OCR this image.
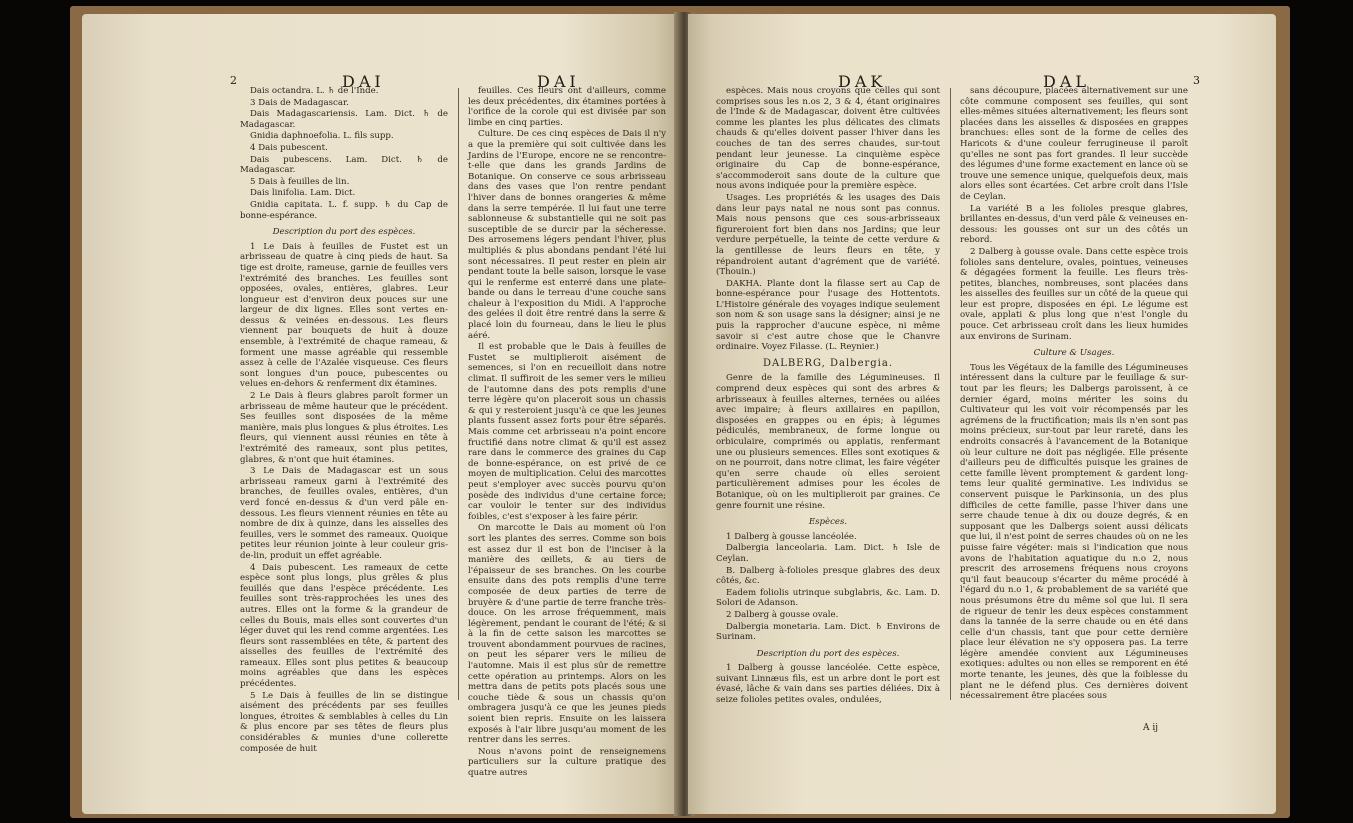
2	DAI	DAI

Dais octandra. L. ♄ de l'Inde.

3 Dais de Madagascar.

Dais Madagascariensis. Lam. Dict. ♄ de Madagascar.

Gnidia daphnoefolia. L. fils supp.

4 Dais pubescent.

Dais pubescens. Lam. Dict. ♄ de Madagascar.

5 Dais à feuilles de lin.

Dais linifolia. Lam. Dict.

Gnidia capitata. L. f. supp. ♄ du Cap de bonne-espérance.

Description du port des espèces.

1 Le Dais à feuilles de Fustet est un arbrisseau de quatre à cinq pieds de haut. Sa tige est droite, rameuse, garnie de feuilles vers l'extrémité des branches. Les feuilles sont opposées, ovales, entières, glabres. Leur longueur est d'environ deux pouces sur une largeur de dix lignes. Elles sont vertes en-dessus & veinées en-dessous. Les fleurs viennent par bouquets de huit à douze ensemble, à l'extrémité de chaque rameau, & forment une masse agréable qui ressemble assez à celle de l'Azalée visqueuse. Ces fleurs sont longues d'un pouce, pubescentes ou velues en-dehors & renferment dix étamines.

2 Le Dais à fleurs glabres paroît former un arbrisseau de même hauteur que le précédent. Ses feuilles sont disposées de la même manière, mais plus longues & plus étroites. Les fleurs, qui viennent aussi réunies en tête à l'extrémité des rameaux, sont plus petites, glabres, & n'ont que huit étamines.

3 Le Dais de Madagascar est un sous arbrisseau rameux garni à l'extrémité des branches, de feuilles ovales, entières, d'un verd foncé en-dessus & d'un verd pâle en-dessous. Les fleurs viennent réunies en tête au nombre de dix à quinze, dans les aisselles des feuilles, vers le sommet des rameaux. Quoique petites leur réunion jointe à leur couleur gris-de-lin, produit un effet agréable.

4 Dais pubescent. Les rameaux de cette espèce sont plus longs, plus grêles & plus feuillés que dans l'espèce précédente. Les feuilles sont très-rapprochées les unes des autres. Elles ont la forme & la grandeur de celles du Bouis, mais elles sont couvertes d'un léger duvet qui les rend comme argentées. Les fleurs sont rassemblées en tête, & partent des aisselles des feuilles de l'extrémité des rameaux. Elles sont plus petites & beaucoup moins agréables que dans les espèces précédentes.

5 Le Dais à feuilles de lin se distingue aisément des précédents par ses feuilles longues, étroites & semblables à celles du Lin & plus encore par ses têtes de fleurs plus considérables & munies d'une collerette composée de huit

feuilles. Ces fleurs ont d'ailleurs, comme les deux précédentes, dix étamines portées à l'orifice de la corole qui est divisée par son limbe en cinq parties.

Culture. De ces cinq espèces de Dais il n'y a que la première qui soit cultivée dans les Jardins de l'Europe, encore ne se rencontre-t-elle que dans les grands Jardins de Botanique. On conserve ce sous arbrisseau dans des vases que l'on rentre pendant l'hiver dans de bonnes orangeries & même dans la serre tempérée. Il lui faut une terre sablonneuse & substantielle qui ne soit pas susceptible de se durcir par la sécheresse. Des arrosemens légers pendant l'hiver, plus multipliés & plus abondans pendant l'été lui sont nécessaires. Il peut rester en plein air pendant toute la belle saison, lorsque le vase qui le renferme est enterré dans une plate-bande ou dans le terreau d'une couche sans chaleur à l'exposition du Midi. A l'approche des gelées il doit être rentré dans la serre & placé loin du fourneau, dans le lieu le plus aéré.

Il est probable que le Dais à feuilles de Fustet se multiplieroit aisément de semences, si l'on en recueilloit dans notre climat. Il suffiroit de les semer vers le milieu de l'automne dans des pots remplis d'une terre légère qu'on placeroit sous un chassis & qui y resteroient jusqu'à ce que les jeunes plants fussent assez forts pour être séparés. Mais comme cet arbrisseau n'a point encore fructifié dans notre climat & qu'il est assez rare dans le commerce des graines du Cap de bonne-espérance, on est privé de ce moyen de multiplication. Celui des marcottes peut s'employer avec succès pourvu qu'on posède des individus d'une certaine force; car vouloir le tenter sur des individus foibles, c'est s'exposer à les faire périr.

On marcotte le Dais au moment où l'on sort les plantes des serres. Comme son bois est assez dur il est bon de l'inciser à la manière des œillets, & au tiers de l'épaisseur de ses branches. On les courbe ensuite dans des pots remplis d'une terre composée de deux parties de terre de bruyère & d'une partie de terre franche très-douce. On les arrose fréquemment, mais légèrement, pendant le courant de l'été; & si à la fin de cette saison les marcottes se trouvent abondamment pourvues de racines, on peut les séparer vers le milieu de l'automne. Mais il est plus sûr de remettre cette opération au printemps. Alors on les mettra dans de petits pots placés sous une couche tiède & sous un chassis qu'on ombragera jusqu'à ce que les jeunes pieds soient bien repris. Ensuite on les laissera exposés à l'air libre jusqu'au moment de les rentrer dans les serres.

Nous n'avons point de renseignemens particuliers sur la culture pratique des quatre autres

DAK	DAL	3

espèces. Mais nous croyons que celles qui sont comprises sous les n.os 2, 3 & 4, étant originaires de l'Inde & de Madagascar, doivent être cultivées comme les plantes les plus délicates des climats chauds & qu'elles doivent passer l'hiver dans les couches de tan des serres chaudes, sur-tout pendant leur jeunesse. La cinquième espèce originaire du Cap de bonne-espérance, s'accommoderoit sans doute de la culture que nous avons indiquée pour la première espèce.

Usages. Les propriétés & les usages des Dais dans leur pays natal ne nous sont pas connus. Mais nous pensons que ces sous-arbrisseaux figureroient fort bien dans nos Jardins; que leur verdure perpétuelle, la teinte de cette verdure & la gentillesse de leurs fleurs en tête, y répandroient autant d'agrément que de variété. (Thouin.)

DAKHA. Plante dont la filasse sert au Cap de bonne-espérance pour l'usage des Hottentots. L'Histoire générale des voyages indique seulement son nom & son usage sans la désigner; ainsi je ne puis la rapprocher d'aucune espèce, ni même savoir si c'est autre chose que le Chanvre ordinaire. Voyez Filasse. (L. Reynier.)

DALBERG, Dalbergia.

Genre de la famille des Légumineuses. Il comprend deux espèces qui sont des arbres & arbrisseaux à feuilles alternes, ternées ou ailées avec impaire; à fleurs axillaires en papillon, disposées en grappes ou en épis; à légumes pédiculés, membraneux, de forme longue ou orbiculaire, comprimés ou applatis, renfermant une ou plusieurs semences. Elles sont exotiques & on ne pourroit, dans notre climat, les faire végéter qu'en serre chaude où elles seroient particulièrement admises pour les écoles de Botanique, où on les multiplieroit par graines. Ce genre fournit une résine.

Espèces.

1 Dalberg à gousse lancéolée.

Dalbergia lanceolaria. Lam. Dict. ♄ Isle de Ceylan.

B. Dalberg à-folioles presque glabres des deux côtés, &c.

Eadem foliolis utrinque subglabris, &c. Lam. D. Solori de Adanson.

2 Dalberg à gousse ovale.

Dalbergia monetaria. Lam. Dict. ♄ Environs de Surinam.

Description du port des espèces.

1 Dalberg à gousse lancéolée. Cette espèce, suivant Linnæus fils, est un arbre dont le port est évasé, lâche & vain dans ses parties déliées. Dix à seize folioles petites ovales, ondulées,

sans découpure, placées alternativement sur une côte commune composent ses feuilles, qui sont elles-mêmes situées alternativement; les fleurs sont placées dans les aisselles & disposées en grappes branchues: elles sont de la forme de celles des Haricots & d'une couleur ferrugineuse il paroît qu'elles ne sont pas fort grandes. Il leur succède des légumes d'une forme exactement en lance où se trouve une semence unique, quelquefois deux, mais alors elles sont écartées. Cet arbre croît dans l'Isle de Ceylan.

La variété B a les folioles presque glabres, brillantes en-dessus, d'un verd pâle & veineuses en-dessous: les gousses ont sur un des côtés un rebord.

2 Dalberg à gousse ovale. Dans cette espèce trois folioles sans dentelure, ovales, pointues, veineuses & dégagées forment la feuille. Les fleurs très-petites, blanches, nombreuses, sont placées dans les aisselles des feuilles sur un côté de la queue qui leur est propre, disposées en épi. Le légume est ovale, applati & plus long que n'est l'ongle du pouce. Cet arbrisseau croît dans les lieux humides aux environs de Surinam.

Culture & Usages.

Tous les Végétaux de la famille des Légumineuses intéressent dans la culture par le feuillage & sur-tout par les fleurs; les Dalbergs paroissent, à ce dernier égard, moins mériter les soins du Cultivateur qui les voit voir récompensés par les agrémens de la fructification; mais ils n'en sont pas moins précieux, sur-tout par leur rareté, dans les endroits consacrés à l'avancement de la Botanique où leur culture ne doit pas négligée. Elle présente d'ailleurs peu de difficultés puisque les graines de cette famille lèvent promptement & gardent long-tems leur qualité germinative. Les individus se conservent puisque le Parkinsonia, un des plus difficiles de cette famille, passe l'hiver dans une serre chaude tenue à dix ou douze degrés, & en supposant que les Dalbergs soient aussi délicats que lui, il n'est point de serres chaudes où on ne les puisse faire végéter: mais si l'indication que nous avons de l'habitation aquatique du n.o 2, nous prescrit des arrosemens fréquens nous croyons qu'il faut beaucoup s'écarter du même procédé à l'égard du n.o 1, & probablement de sa variété que nous présumons être du même sol que lui. Il sera de rigueur de tenir les deux espèces constamment dans la tannée de la serre chaude ou en été dans celle d'un chassis, tant que pour cette dernière place leur élévation ne s'y opposera pas. La terre légère amendée convient aux Légumineuses exotiques: adultes ou non elles se remporent en été morte tenante, les jeunes, dès que la foiblesse du plant ne le défend plus. Ces dernières doivent nécessairement être placées sous

A ij
